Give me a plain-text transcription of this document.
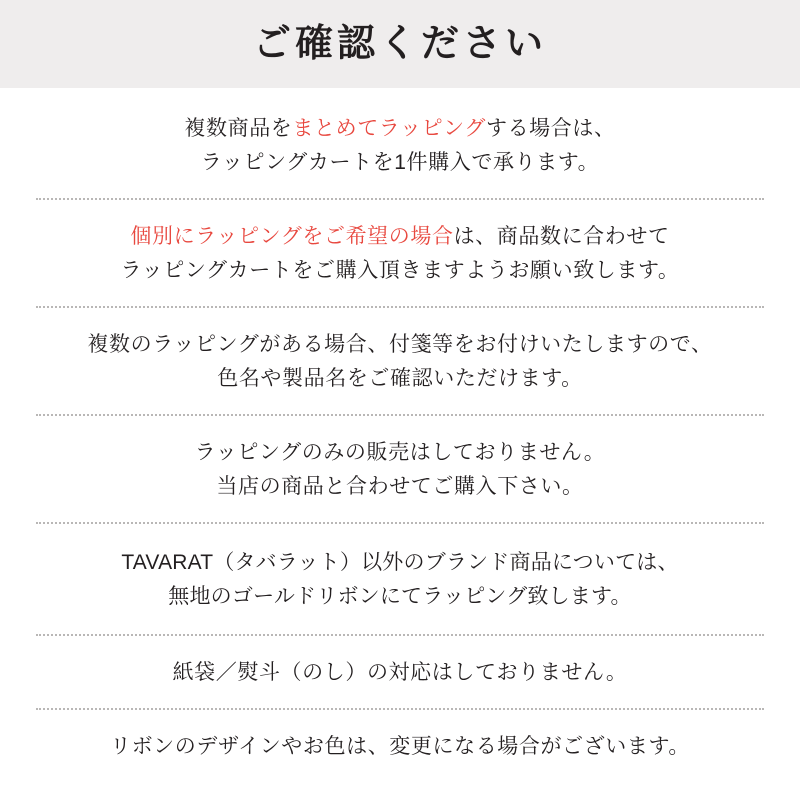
ご確認ください
複数商品をまとめてラッピングする場合は、
ラッピングカートを1件購入で承ります。
個別にラッピングをご希望の場合は、商品数に合わせて
ラッピングカートをご購入頂きますようお願い致します。
複数のラッピングがある場合、付箋等をお付けいたしますので、
色名や製品名をご確認いただけます。
ラッピングのみの販売はしておりません。
当店の商品と合わせてご購入下さい。
TAVARAT（タバラット）以外のブランド商品については、
無地のゴールドリボンにてラッピング致します。
紙袋／熨斗（のし）の対応はしておりません。
リボンのデザインやお色は、変更になる場合がございます。
